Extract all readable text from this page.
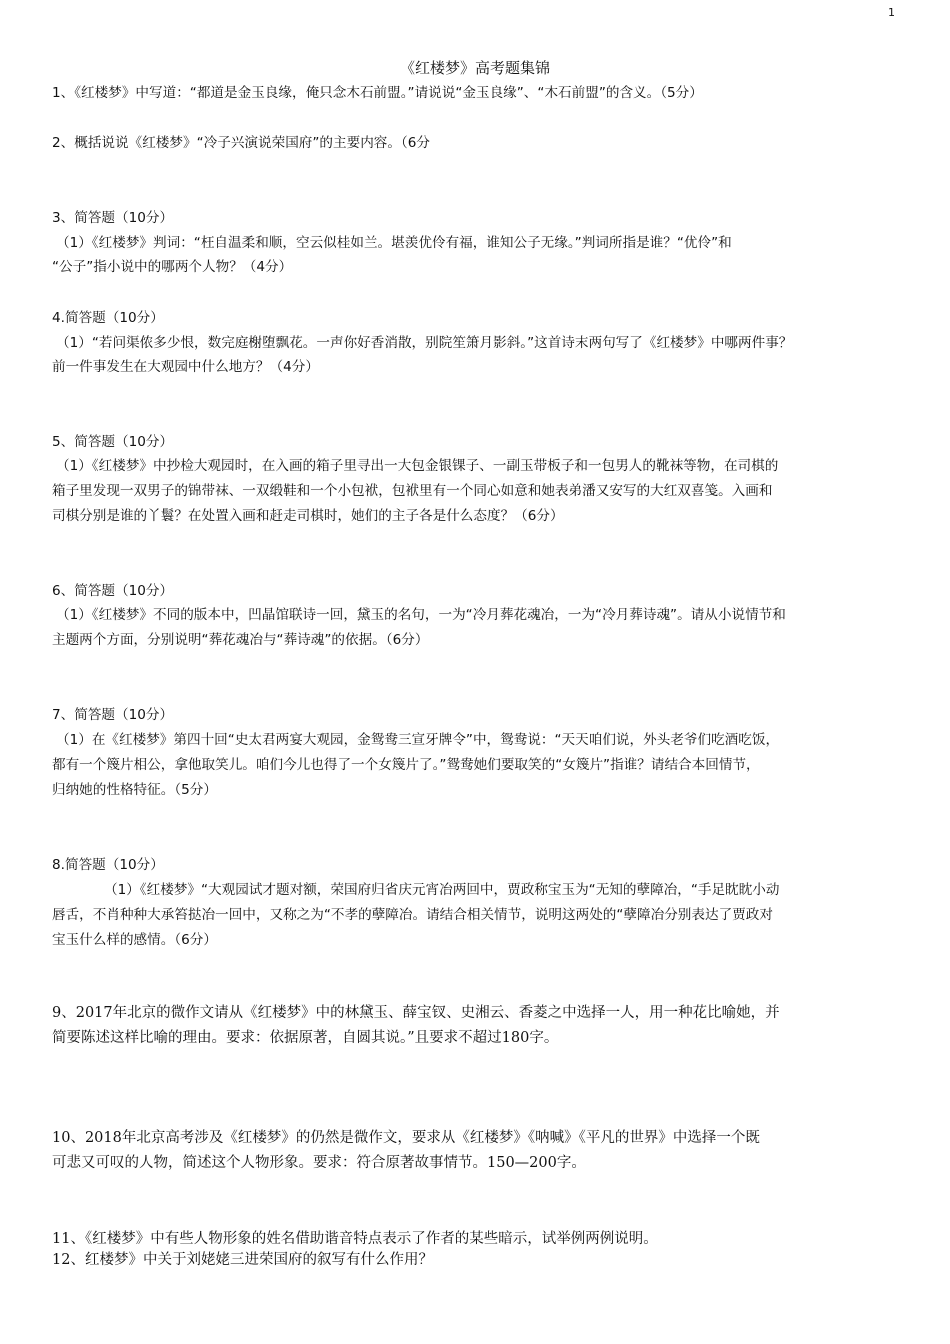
1
《红楼梦》高考题集锦
1、《红楼梦》中写道：“都道是金玉良缘，俺只念木石前盟。”请说说“金玉良缘”、“木石前盟”的含义。（5分）
2、概括说说《红楼梦》“冷子兴演说荣国府”的主要内容。（6分
3、简答题（10分）
（1）《红楼梦》判词：“枉自温柔和顺，空云似桂如兰。堪羡优伶有福，谁知公子无缘。”判词所指是谁？“优伶”和
“公子”指小说中的哪两个人物？（4分）
4.简答题（10分）
（1）“若问渠侬多少恨，数完庭榭堕飘花。一声你好香消散，别院笙箫月影斜。”这首诗末两句写了《红楼梦》中哪两件事？
前一件事发生在大观园中什么地方？（4分）
5、简答题（10分）
（1）《红楼梦》中抄检大观园时，在入画的箱子里寻出一大包金银锞子、一副玉带板子和一包男人的靴袜等物，在司棋的
箱子里发现一双男子的锦带袜、一双缎鞋和一个小包袱，包袱里有一个同心如意和她表弟潘又安写的大红双喜笺。入画和
司棋分别是谁的丫鬟？在处置入画和赶走司棋时，她们的主子各是什么态度？（6分）
6、简答题（10分）
（1）《红楼梦》不同的版本中，凹晶馆联诗一回，黛玉的名句，一为“冷月葬花魂冶，一为“冷月葬诗魂”。请从小说情节和
主题两个方面，分别说明“葬花魂冶与“葬诗魂”的依据。（6分）
7、简答题（10分）
（1）在《红楼梦》第四十回“史太君两宴大观园，金鸳鸯三宣牙牌令”中，鸳鸯说：“天天咱们说，外头老爷们吃酒吃饭，
都有一个篾片相公，拿他取笑儿。咱们今儿也得了一个女篾片了。”鸳鸯她们要取笑的“女篾片”指谁？请结合本回情节，
归纳她的性格特征。（5分）
8.简答题（10分）
（1）《红楼梦》“大观园试才题对额，荣国府归省庆元宵冶两回中，贾政称宝玉为“无知的孽障冶，“手足眈眈小动
唇舌，不肖种种大承笞挞冶一回中，又称之为“不孝的孽障冶。请结合相关情节，说明这两处的“孽障冶分别表达了贾政对
宝玉什么样的感情。（6分）
9、2017年北京的微作文请从《红楼梦》中的林黛玉、薛宝钗、史湘云、香菱之中选择一人，用一种花比喻她，并
简要陈述这样比喻的理由。要求：依据原著，自圆其说。”且要求不超过180字。
10、2018年北京高考涉及《红楼梦》的仍然是微作文，要求从《红楼梦》《呐喊》《平凡的世界》中选择一个既
可悲又可叹的人物，简述这个人物形象。要求：符合原著故事情节。150—200字。
11、《红楼梦》中有些人物形象的姓名借助谐音特点表示了作者的某些暗示，试举例两例说明。
12、红楼梦》中关于刘姥姥三进荣国府的叙写有什么作用？
